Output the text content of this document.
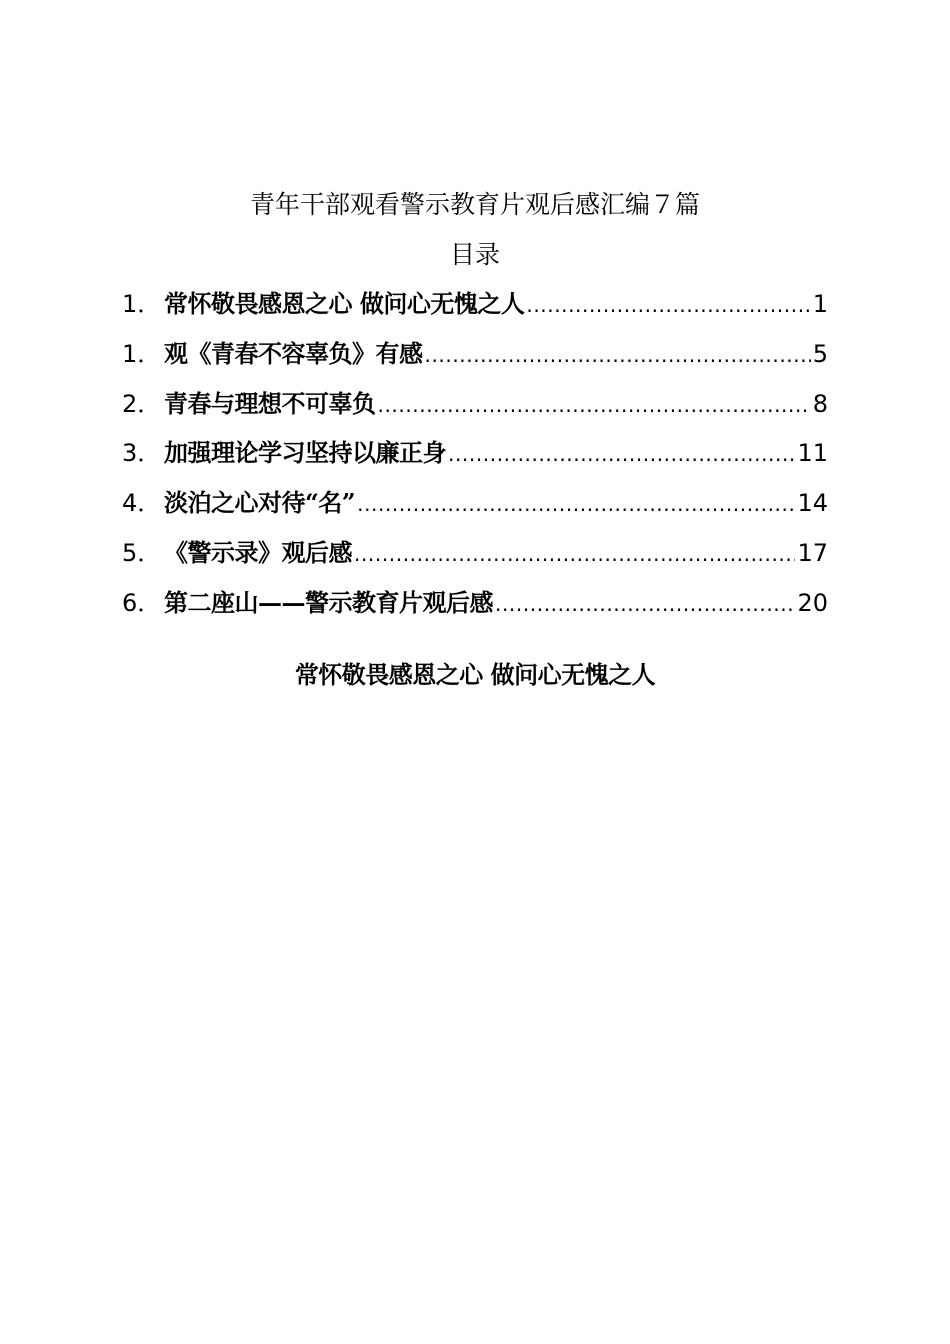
青年干部观看警示教育片观后感汇编７篇
目录
1． 常怀敬畏感恩之心 做问心无愧之人 .....	1
1． 观《青春不容辜负》有感 .....	5
2． 青春与理想不可辜负 .....	8
3． 加强理论学习坚持以廉正身 .....	11
4． 淡泊之心对待“名” .....	14
5． 《警示录》观后感 .....	17
6． 第二座山——警示教育片观后感 .....	20
常怀敬畏感恩之心 做问心无愧之人
